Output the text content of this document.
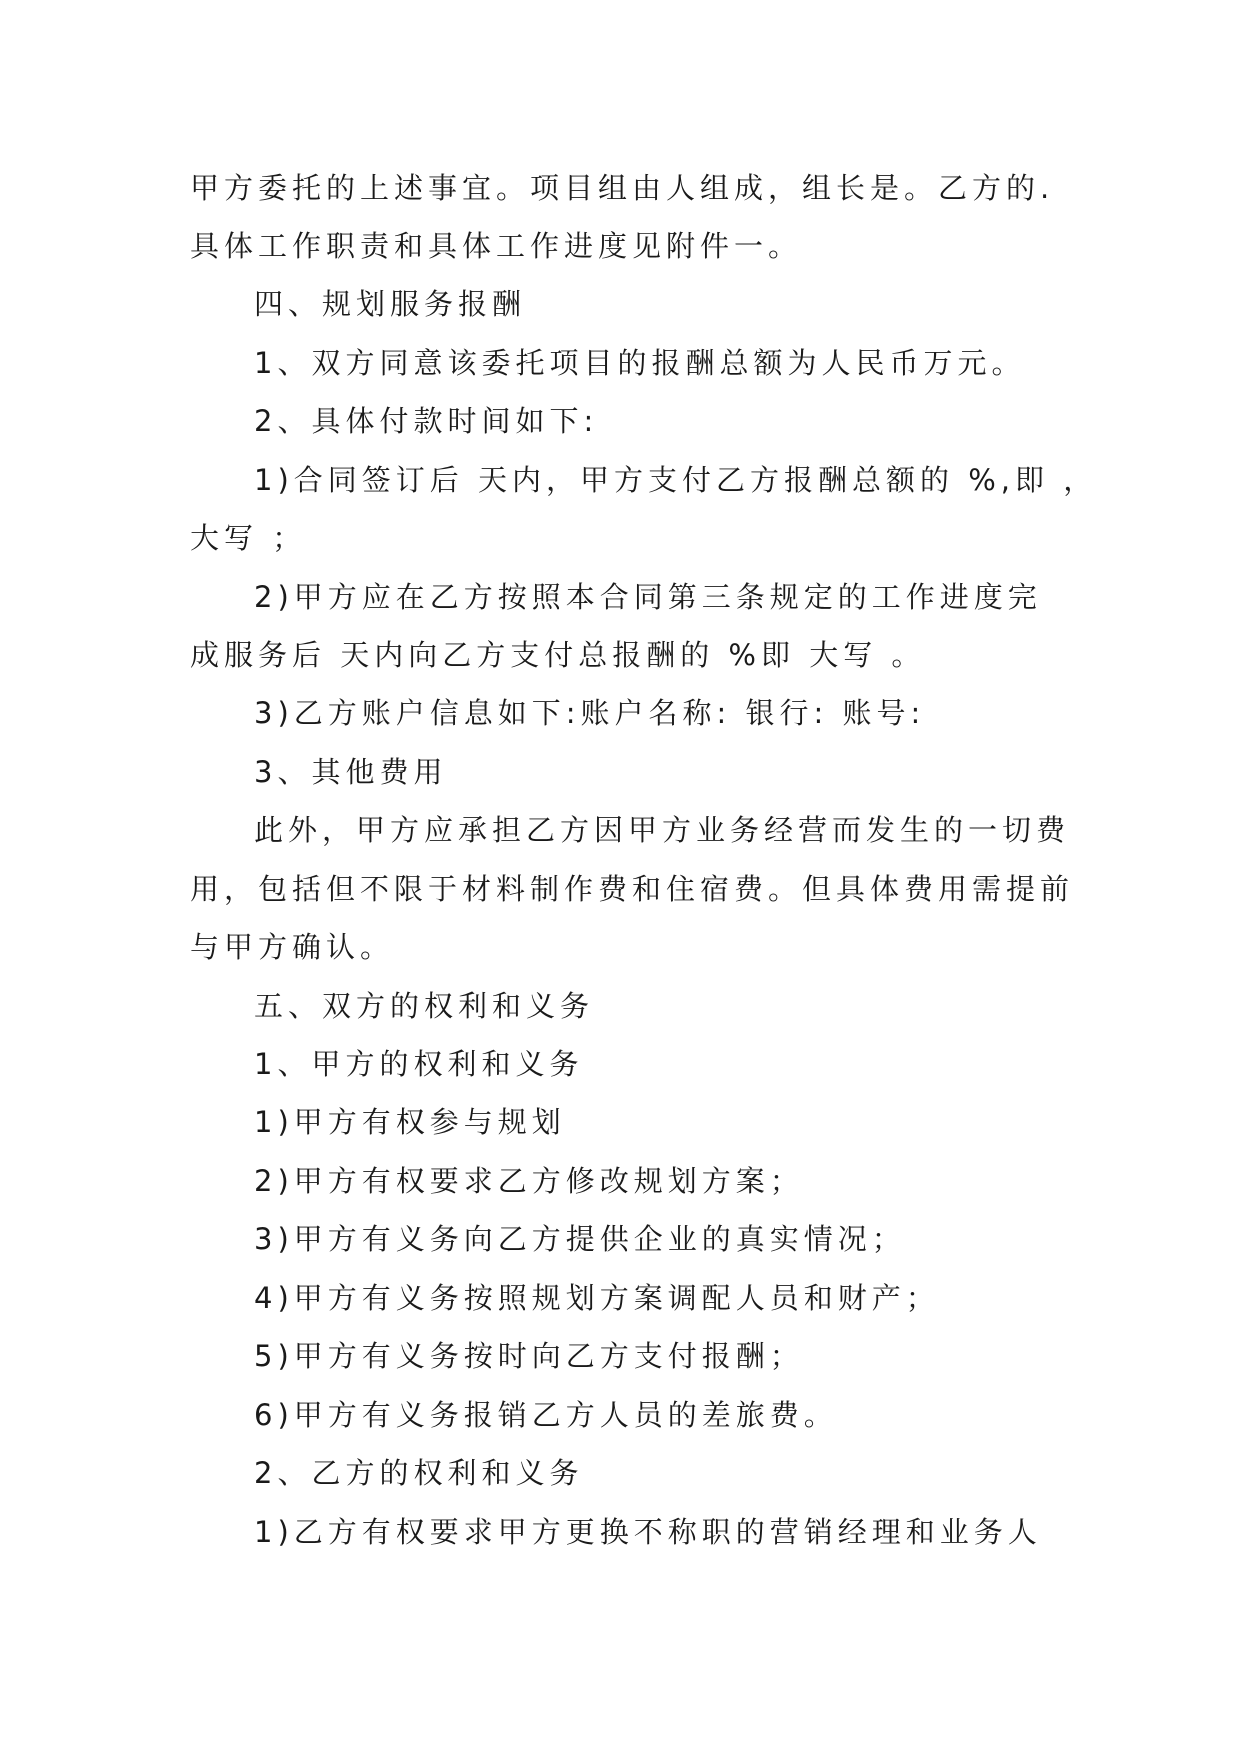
甲方委托的上述事宜。项目组由人组成，组长是。乙方的.
具体工作职责和具体工作进度见附件一。
四、规划服务报酬
1、双方同意该委托项目的报酬总额为人民币万元。
2、具体付款时间如下:
1)合同签订后 天内，甲方支付乙方报酬总额的 %,即 ，
大写 ；
2)甲方应在乙方按照本合同第三条规定的工作进度完
成服务后 天内向乙方支付总报酬的 %即 大写 。
3)乙方账户信息如下:账户名称: 银行: 账号:
3、其他费用
此外，甲方应承担乙方因甲方业务经营而发生的一切费
用，包括但不限于材料制作费和住宿费。但具体费用需提前
与甲方确认。
五、双方的权利和义务
1、甲方的权利和义务
1)甲方有权参与规划
2)甲方有权要求乙方修改规划方案；
3)甲方有义务向乙方提供企业的真实情况；
4)甲方有义务按照规划方案调配人员和财产；
5)甲方有义务按时向乙方支付报酬；
6)甲方有义务报销乙方人员的差旅费。
2、乙方的权利和义务
1)乙方有权要求甲方更换不称职的营销经理和业务人
